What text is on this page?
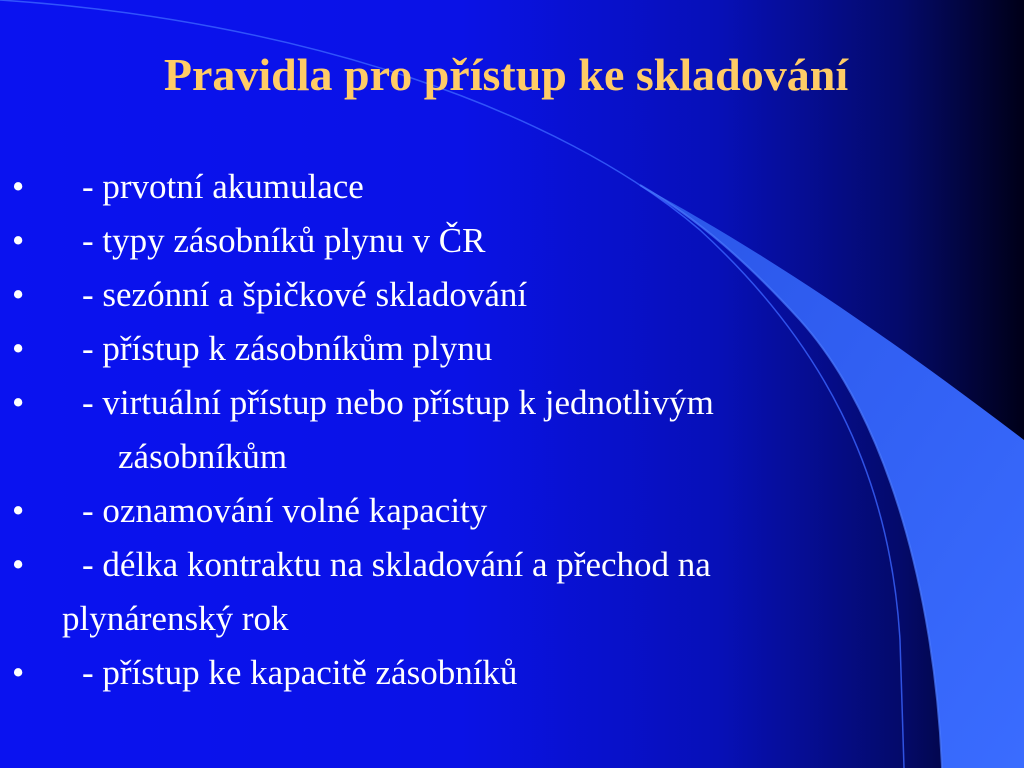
Pravidla pro přístup ke skladování
• - prvotní akumulace
• - typy zásobníků plynu v ČR
• - sezónní a špičkové skladování
• - přístup k zásobníkům plynu
• - virtuální přístup nebo přístup k jednotlivým
zásobníkům
• - oznamování volné kapacity
• - délka kontraktu na skladování a přechod na
plynárenský rok
• - přístup ke kapacitě zásobníků
